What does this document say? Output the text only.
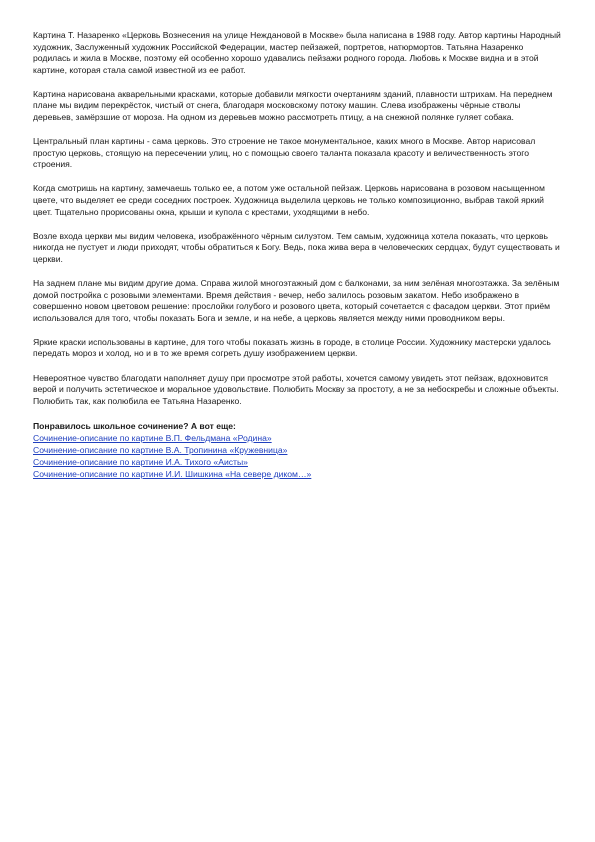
Картина Т. Назаренко «Церковь Вознесения на улице Неждановой в Москве» была написана в 1988 году. Автор картины Народный художник, Заслуженный художник Российской Федерации, мастер пейзажей, портретов, натюрмортов. Татьяна Назаренко родилась и жила в Москве, поэтому ей особенно хорошо удавались пейзажи родного города. Любовь к Москве видна и в этой картине, которая стала самой известной из ее работ.

Картина нарисована акварельными красками, которые добавили мягкости очертаниям зданий, плавности штрихам. На переднем плане мы видим перекрёсток, чистый от снега, благодаря московскому потоку машин. Слева изображены чёрные стволы деревьев, замёрзшие от мороза. На одном из деревьев можно рассмотреть птицу, а на снежной полянке гуляет собака.

Центральный план картины - сама церковь. Это строение не такое монументальное, каких много в Москве. Автор нарисовал простую церковь, стоящую на пересечении улиц, но с помощью своего таланта показала красоту и величественность этого строения.

Когда смотришь на картину, замечаешь только ее, а потом уже остальной пейзаж. Церковь нарисована в розовом насыщенном цвете, что выделяет ее среди соседних построек. Художница выделила церковь не только композиционно, выбрав такой яркий цвет. Тщательно прорисованы окна, крыши и купола с крестами, уходящими в небо.

Возле входа церкви мы видим человека, изображённого чёрным силуэтом. Тем самым, художница хотела показать, что церковь никогда не пустует и люди приходят, чтобы обратиться к Богу. Ведь, пока жива вера в человеческих сердцах, будут существовать и церкви.

На заднем плане мы видим другие дома. Справа жилой многоэтажный дом с балконами, за ним зелёная многоэтажка. За зелёным домой постройка с розовыми элементами. Время действия - вечер, небо залилось розовым закатом. Небо изображено в совершенно новом цветовом решение: прослойки голубого и розового цвета, который сочетается с фасадом церкви. Этот приём использовался для того, чтобы показать Бога и земле, и на небе, а церковь является между ними проводником веры.

Яркие краски использованы в картине, для того чтобы показать жизнь в городе, в столице России. Художнику мастерски удалось передать мороз и холод, но и в то же время согреть душу изображением церкви.

Невероятное чувство благодати наполняет душу при просмотре этой работы, хочется самому увидеть этот пейзаж, вдохновится верой и получить эстетическое и моральное удовольствие. Полюбить Москву за простоту, а не за небоскребы и сложные объекты. Полюбить так, как полюбила ее Татьяна Назаренко.

Понравилось школьное сочинение? А вот еще:

Сочинение-описание по картине В.П. Фельдмана «Родина»
Сочинение-описание по картине В.А. Тропинина «Кружевница»
Сочинение-описание по картине И.А. Тихого «Аисты»
Сочинение-описание по картине И.И. Шишкина «На севере диком…»
